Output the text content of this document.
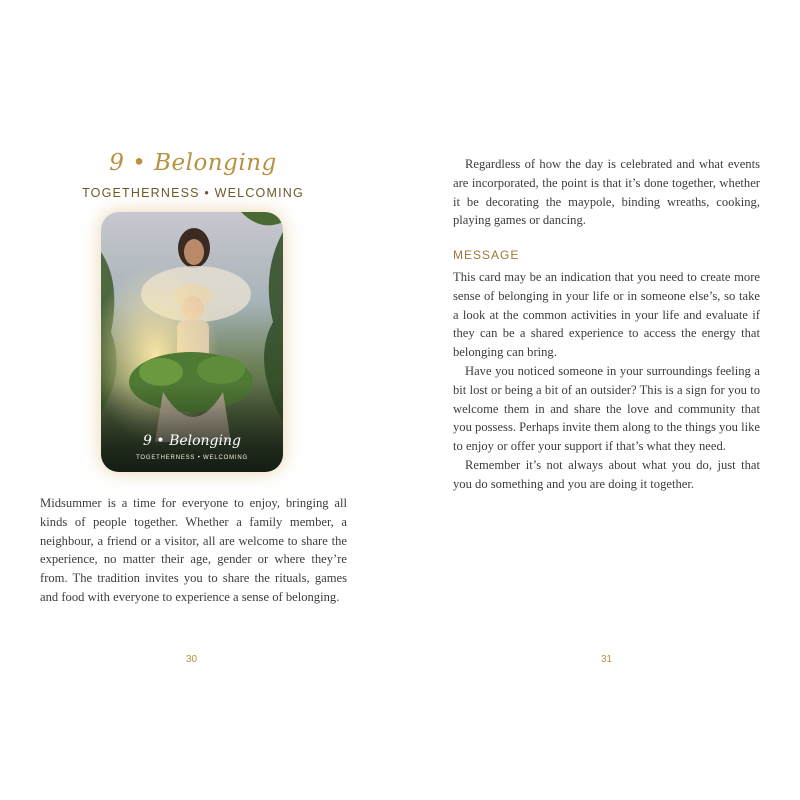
9 • Belonging
TOGETHERNESS • WELCOMING
9 • Belonging
TOGETHERNESS • WELCOMING

Midsummer is a time for everyone to enjoy, bringing all kinds of people together. Whether a family member, a neighbour, a friend or a visitor, all are welcome to share the experience, no matter their age, gender or where they’re from. The tradition invites you to share the rituals, games and food with everyone to experience a sense of belonging.

30

Regardless of how the day is celebrated and what events are incorporated, the point is that it’s done together, whether it be decorating the maypole, binding wreaths, cooking, playing games or dancing.

MESSAGE

This card may be an indication that you need to create more sense of belonging in your life or in someone else’s, so take a look at the common activities in your life and evaluate if they can be a shared experience to access the energy that belonging can bring.

Have you noticed someone in your surroundings feeling a bit lost or being a bit of an outsider? This is a sign for you to welcome them in and share the love and community that you possess. Perhaps invite them along to the things you like to enjoy or offer your support if that’s what they need.

Remember it’s not always about what you do, just that you do something and you are doing it together.

31
